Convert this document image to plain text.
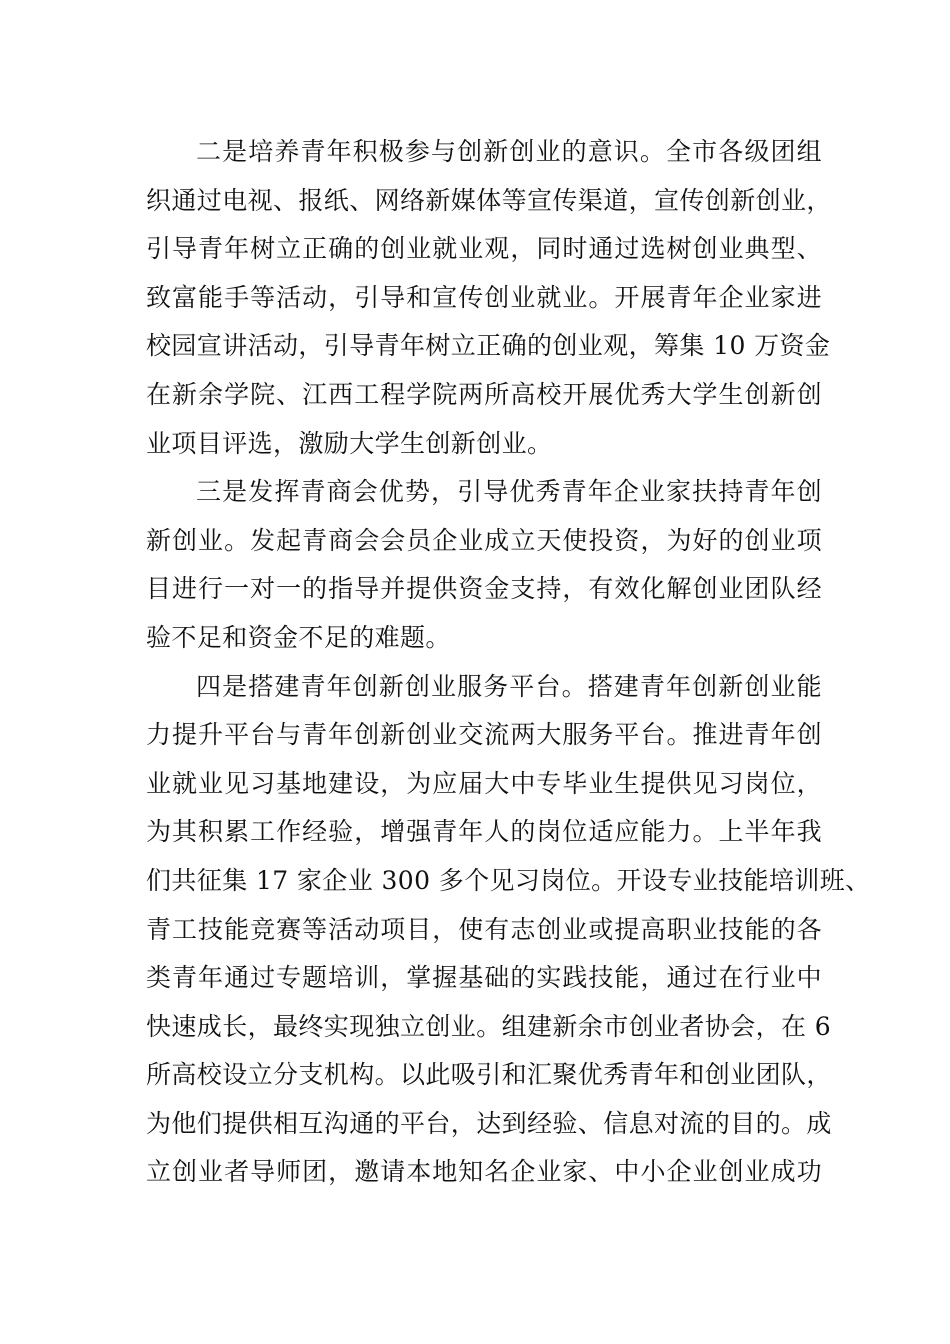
二是培养青年积极参与创新创业的意识。全市各级团组
织通过电视、报纸、网络新媒体等宣传渠道，宣传创新创业，
引导青年树立正确的创业就业观，同时通过选树创业典型、
致富能手等活动，引导和宣传创业就业。开展青年企业家进
校园宣讲活动，引导青年树立正确的创业观，筹集 10 万资金
在新余学院、江西工程学院两所高校开展优秀大学生创新创
业项目评选，激励大学生创新创业。

三是发挥青商会优势，引导优秀青年企业家扶持青年创
新创业。发起青商会会员企业成立天使投资，为好的创业项
目进行一对一的指导并提供资金支持，有效化解创业团队经
验不足和资金不足的难题。

四是搭建青年创新创业服务平台。搭建青年创新创业能
力提升平台与青年创新创业交流两大服务平台。推进青年创
业就业见习基地建设，为应届大中专毕业生提供见习岗位，
为其积累工作经验，增强青年人的岗位适应能力。上半年我
们共征集 17 家企业 300 多个见习岗位。开设专业技能培训班、
青工技能竞赛等活动项目，使有志创业或提高职业技能的各
类青年通过专题培训，掌握基础的实践技能，通过在行业中
快速成长，最终实现独立创业。组建新余市创业者协会，在 6
所高校设立分支机构。以此吸引和汇聚优秀青年和创业团队，
为他们提供相互沟通的平台，达到经验、信息对流的目的。成
立创业者导师团，邀请本地知名企业家、中小企业创业成功
